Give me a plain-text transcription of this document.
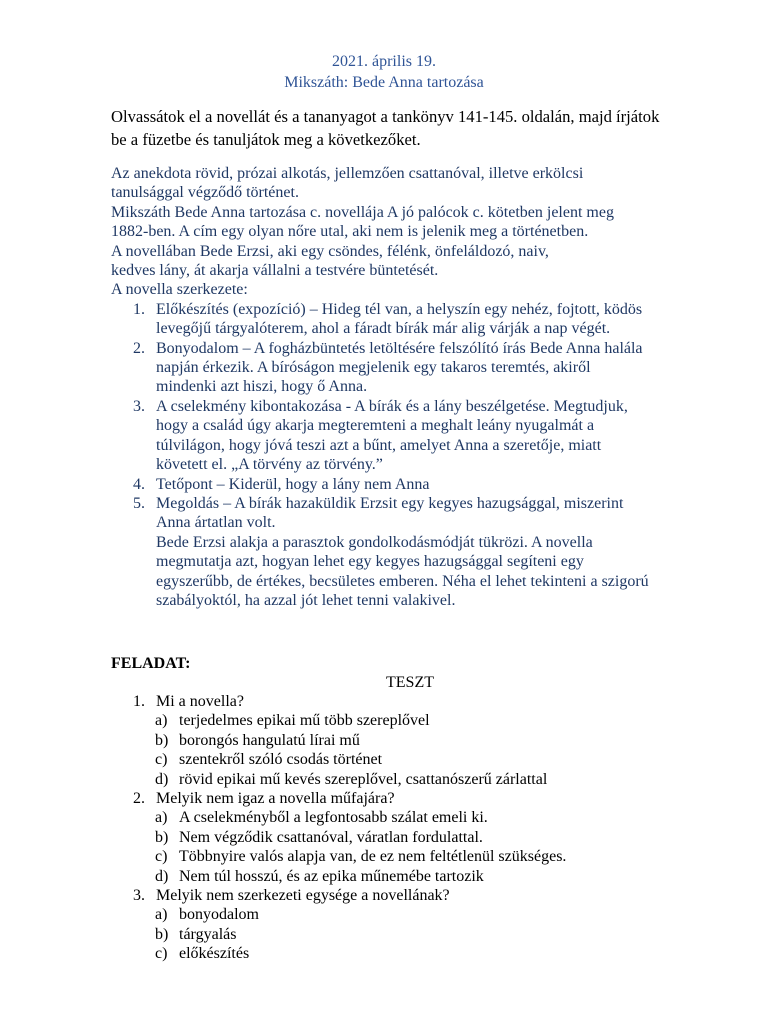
2021. április 19.
Mikszáth: Bede Anna tartozása
Olvassátok el a novellát és a tananyagot a tankönyv 141-145. oldalán, majd írjátok
be a füzetbe és tanuljátok meg a következőket.

Az anekdota rövid, prózai alkotás, jellemzően csattanóval, illetve erkölcsi

tanulsággal végződő történet.

Mikszáth Bede Anna tartozása c. novellája A jó palócok c. kötetben jelent meg

1882-ben. A cím egy olyan nőre utal, aki nem is jelenik meg a történetben.

A novellában Bede Erzsi, aki egy csöndes, félénk, önfeláldozó, naiv,

kedves lány, át akarja vállalni a testvére büntetését.

A novella szerkezete:

1. Előkészítés (expozíció) – Hideg tél van, a helyszín egy nehéz, fojtott, ködös
levegőjű tárgyalóterem, ahol a fáradt bírák már alig várják a nap végét.
2. Bonyodalom – A fogházbüntetés letöltésére felszólító írás Bede Anna halála
napján érkezik. A bíróságon megjelenik egy takaros teremtés, akiről
mindenki azt hiszi, hogy ő Anna.
3. A cselekmény kibontakozása - A bírák és a lány beszélgetése. Megtudjuk,
hogy a család úgy akarja megteremteni a meghalt leány nyugalmát a
túlvilágon, hogy jóvá teszi azt a bűnt, amelyet Anna a szeretője, miatt
követett el. „A törvény az törvény.”
4. Tetőpont – Kiderül, hogy a lány nem Anna
5. Megoldás – A bírák hazaküldik Erzsit egy kegyes hazugsággal, miszerint
Anna ártatlan volt.
Bede Erzsi alakja a parasztok gondolkodásmódját tükrözi. A novella
megmutatja azt, hogyan lehet egy kegyes hazugsággal segíteni egy
egyszerűbb, de értékes, becsületes emberen. Néha el lehet tekinteni a szigorú
szabályoktól, ha azzal jót lehet tenni valakivel.
FELADAT:
TESZT
1. Mi a novella?
a) terjedelmes epikai mű több szereplővel
b) borongós hangulatú lírai mű
c) szentekről szóló csodás történet
d) rövid epikai mű kevés szereplővel, csattanószerű zárlattal
2. Melyik nem igaz a novella műfajára?
a) A cselekményből a legfontosabb szálat emeli ki.
b) Nem végződik csattanóval, váratlan fordulattal.
c) Többnyire valós alapja van, de ez nem feltétlenül szükséges.
d) Nem túl hosszú, és az epika műnemébe tartozik
3. Melyik nem szerkezeti egysége a novellának?
a) bonyodalom
b) tárgyalás
c) előkészítés
